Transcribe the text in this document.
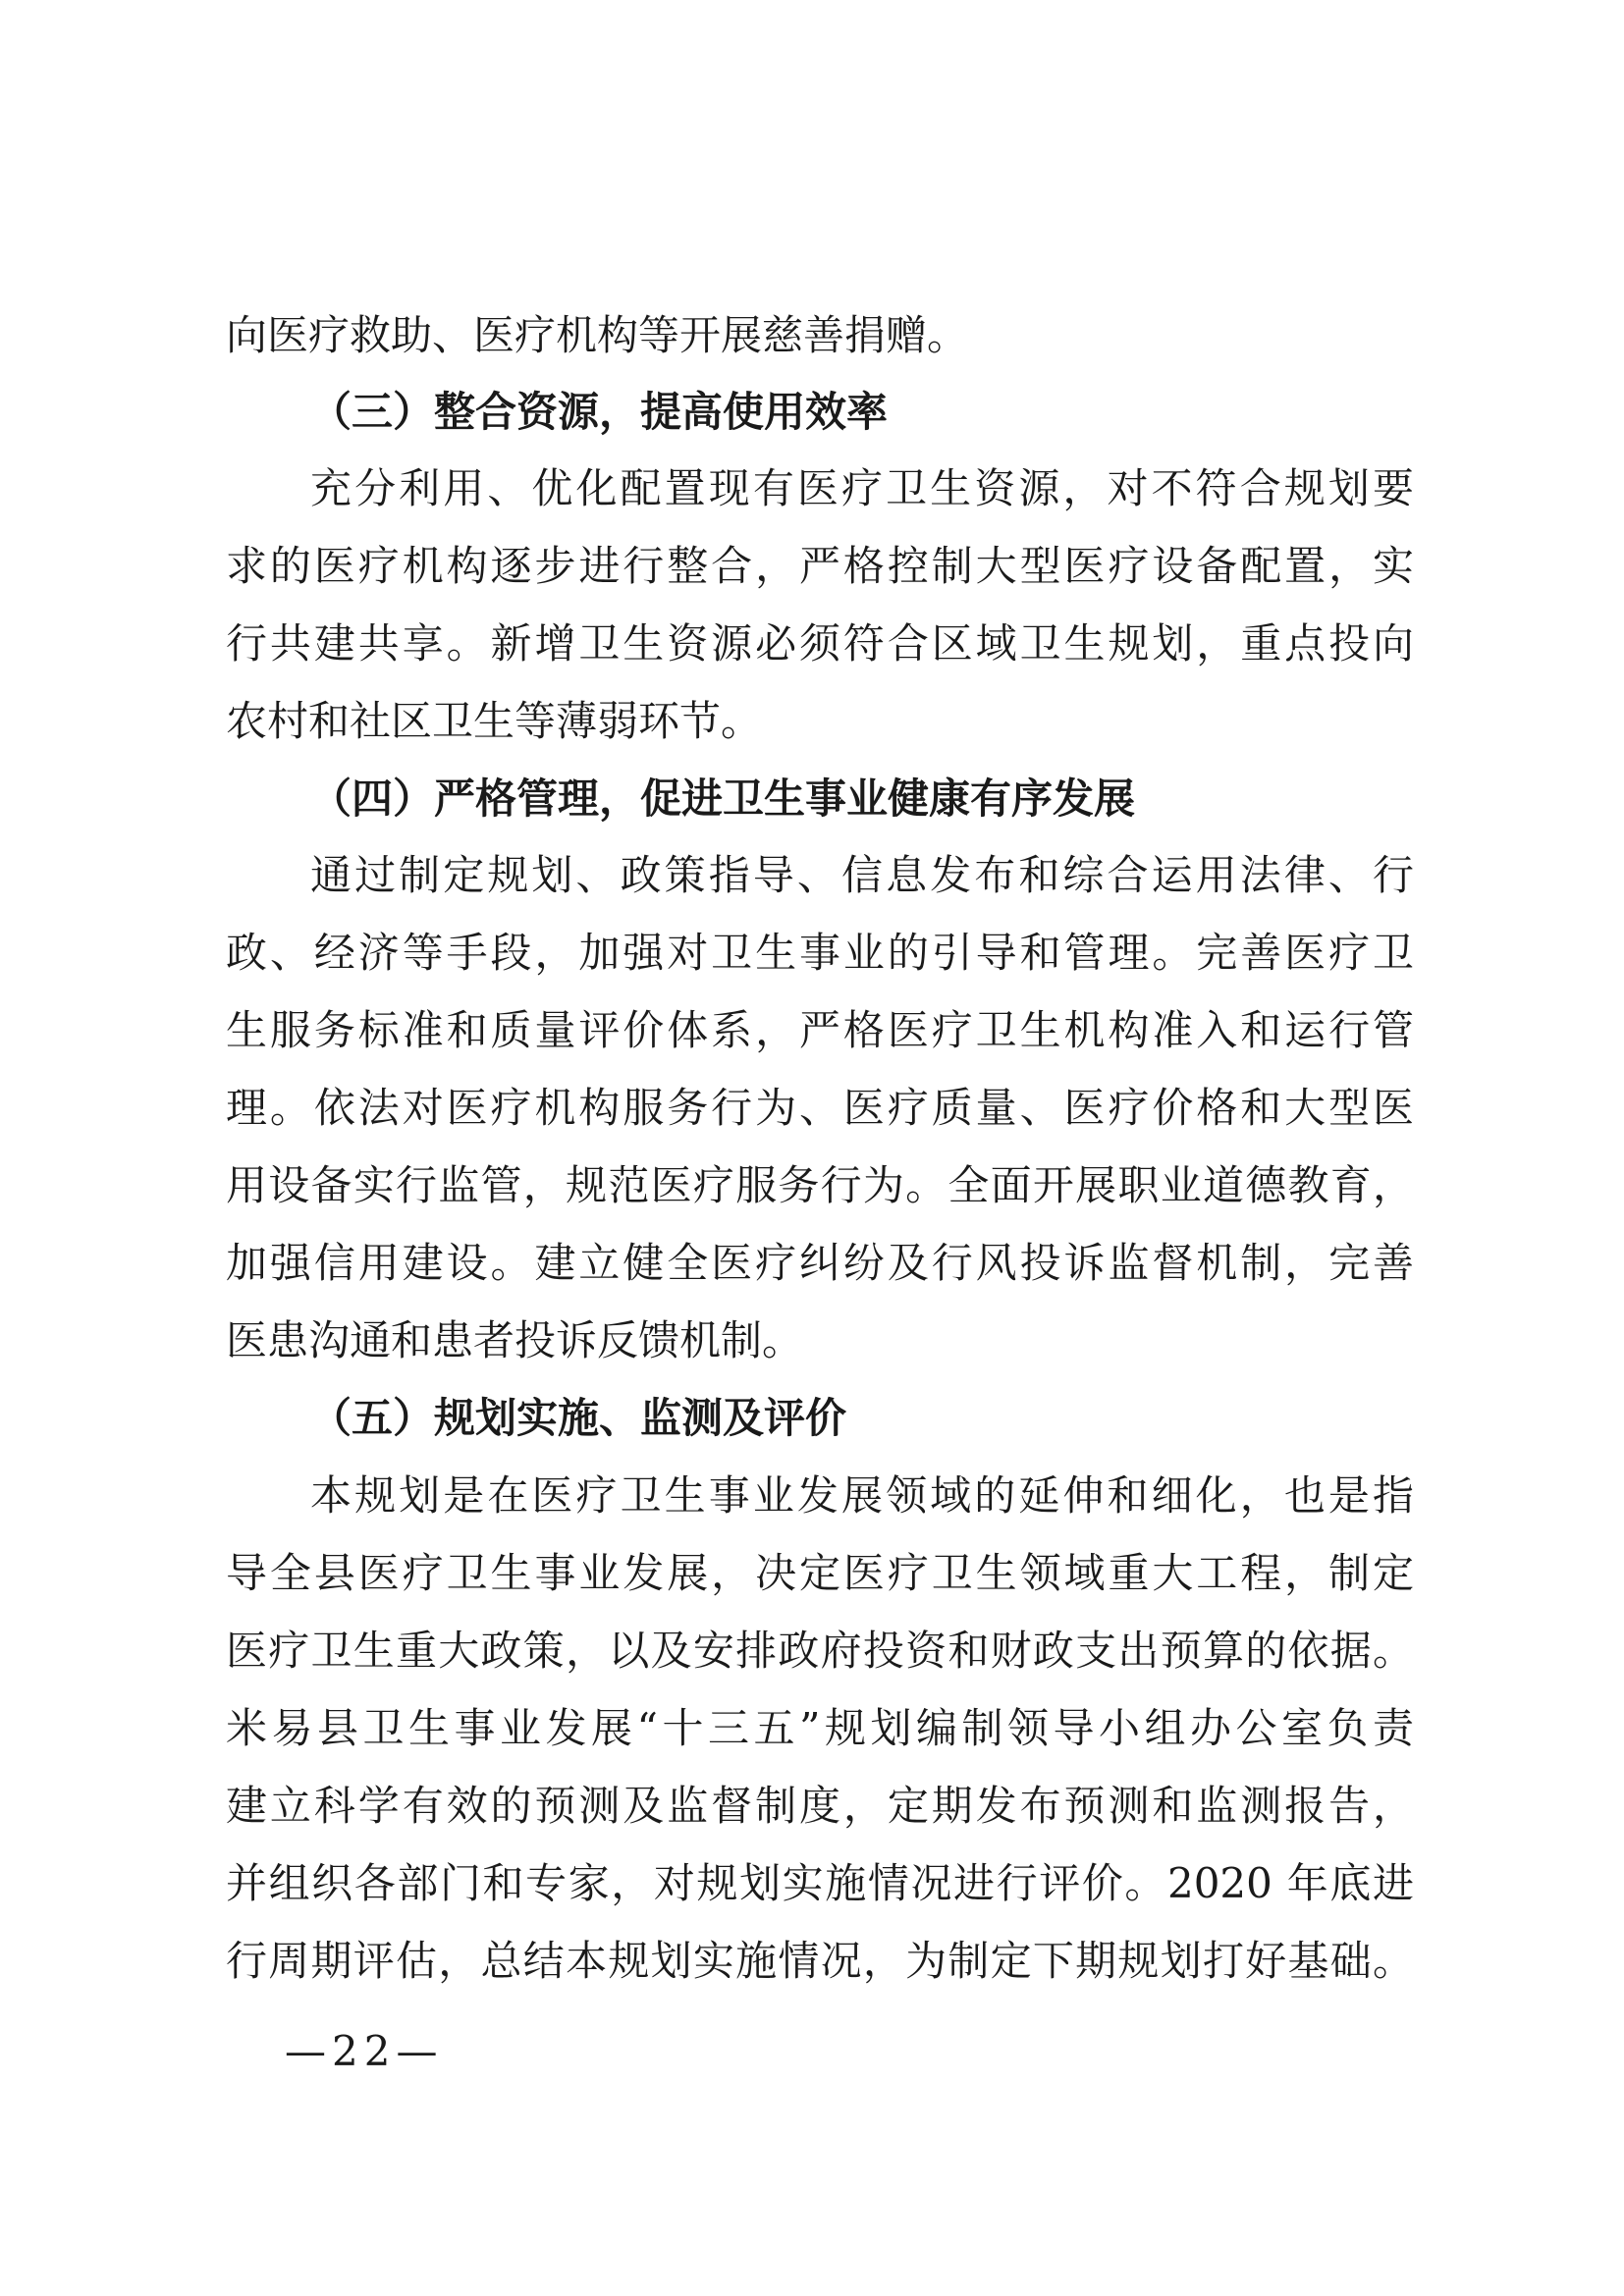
向医疗救助、医疗机构等开展慈善捐赠。
（三）整合资源，提高使用效率
充分利用、优化配置现有医疗卫生资源，对不符合规划要
求的医疗机构逐步进行整合，严格控制大型医疗设备配置，实
行共建共享。新增卫生资源必须符合区域卫生规划，重点投向
农村和社区卫生等薄弱环节。
（四）严格管理，促进卫生事业健康有序发展
通过制定规划、政策指导、信息发布和综合运用法律、行
政、经济等手段，加强对卫生事业的引导和管理。完善医疗卫
生服务标准和质量评价体系，严格医疗卫生机构准入和运行管
理。依法对医疗机构服务行为、医疗质量、医疗价格和大型医
用设备实行监管，规范医疗服务行为。全面开展职业道德教育，
加强信用建设。建立健全医疗纠纷及行风投诉监督机制，完善
医患沟通和患者投诉反馈机制。
（五）规划实施、监测及评价
本规划是在医疗卫生事业发展领域的延伸和细化，也是指
导全县医疗卫生事业发展，决定医疗卫生领域重大工程，制定
医疗卫生重大政策，以及安排政府投资和财政支出预算的依据。
米易县卫生事业发展“十三五”规划编制领导小组办公室负责
建立科学有效的预测及监督制度，定期发布预测和监测报告，
并组织各部门和专家，对规划实施情况进行评价。2020 年底进
行周期评估，总结本规划实施情况，为制定下期规划打好基础。
—22—
